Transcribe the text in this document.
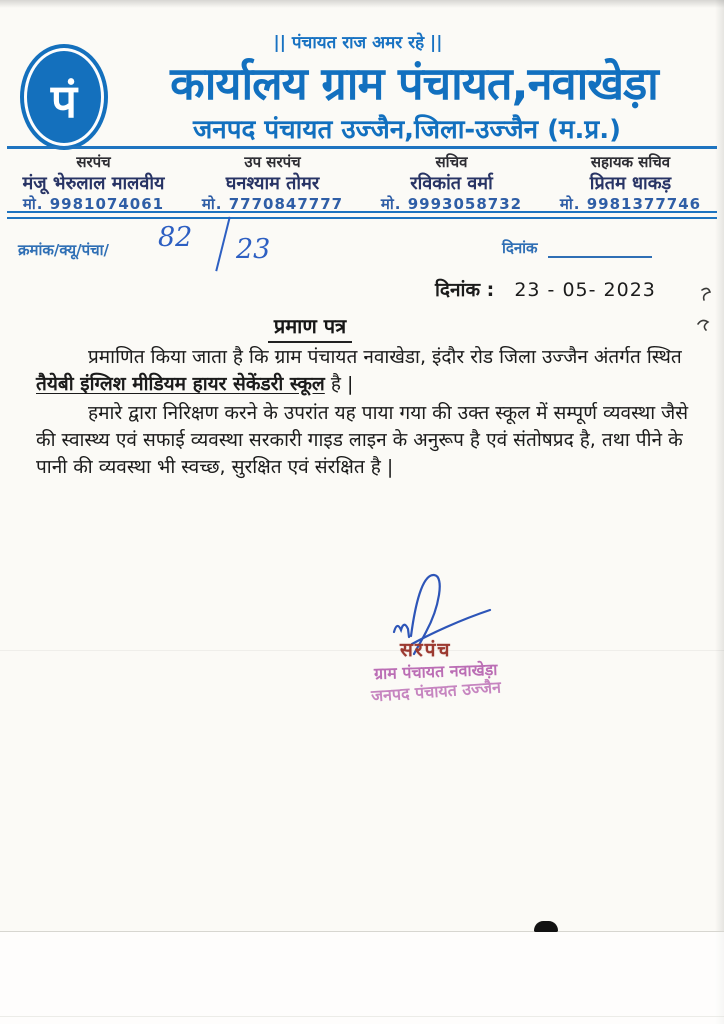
|| पंचायत राज अमर रहे ||
पं	कार्यालय ग्राम पंचायत,नवाखेड़ा
जनपद पंचायत उज्जैन,जिला-उज्जैन (म.प्र.)
सरपंच
मंजू भेरुलाल मालवीय
मो. 9981074061
उप सरपंच
घनश्याम तोमर
मो. 7770847777
सचिव
रविकांत वर्मा
मो. 9993058732
सहायक सचिव
प्रितम धाकड़
मो. 9981377746
क्रमांक/क्यू/पंचा/ 82 23	दिनांक
दिनांक : 23 - 05- 2023
प्रमाण पत्र

प्रमाणित किया जाता है कि ग्राम पंचायत नवाखेडा, इंदौर रोड जिला उज्जैन अंतर्गत स्थित तैयेबी इंग्लिश मीडियम हायर सेकेंडरी स्कूल है |

हमारे द्वारा निरिक्षण करने के उपरांत यह पाया गया की उक्त स्कूल में सम्पूर्ण व्यवस्था जैसे की स्वास्थ्य एवं सफाई व्यवस्था सरकारी गाइड लाइन के अनुरूप है एवं संतोषप्रद है, तथा पीने के पानी की व्यवस्था भी स्वच्छ, सुरक्षित एवं संरक्षित है |

सरपंच
ग्राम पंचायत नवाखेड़ा
जनपद पंचायत उज्जैन
